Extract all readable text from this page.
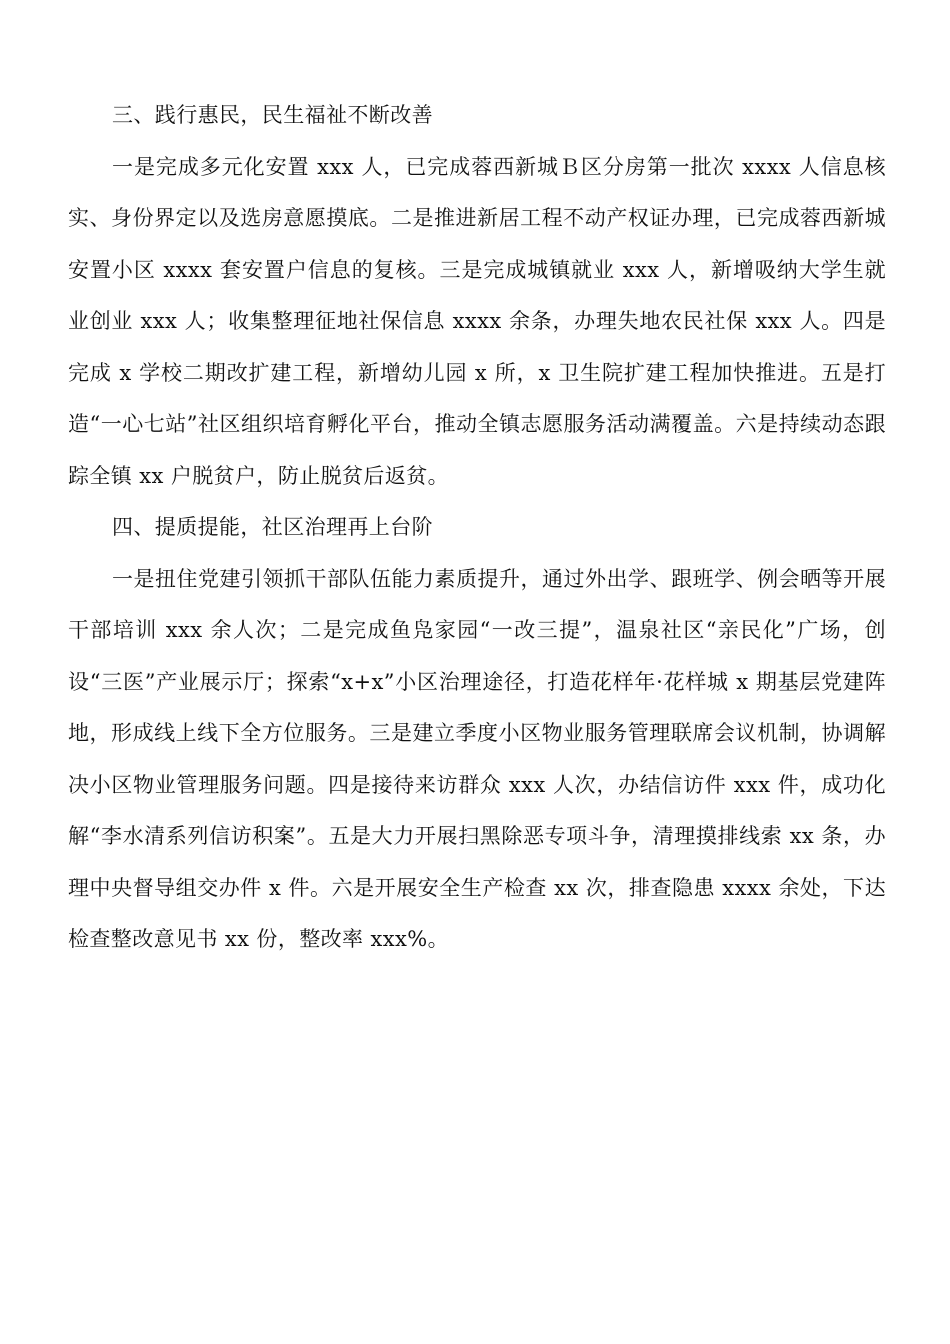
三、践行惠民，民生福祉不断改善

一是完成多元化安置 xxx 人，已完成蓉西新城Ｂ区分房第一批次 xxxx 人信息核实、身份界定以及选房意愿摸底。二是推进新居工程不动产权证办理，已完成蓉西新城安置小区 xxxx 套安置户信息的复核。三是完成城镇就业 xxx 人，新增吸纳大学生就业创业 xxx 人；收集整理征地社保信息 xxxx 余条，办理失地农民社保 xxx 人。四是完成 x 学校二期改扩建工程，新增幼儿园 x 所，x 卫生院扩建工程加快推进。五是打造“一心七站”社区组织培育孵化平台，推动全镇志愿服务活动满覆盖。六是持续动态跟踪全镇 xx 户脱贫户，防止脱贫后返贫。

四、提质提能，社区治理再上台阶

一是扭住党建引领抓干部队伍能力素质提升，通过外出学、跟班学、例会晒等开展干部培训 xxx 余人次；二是完成鱼凫家园“一改三提”，温泉社区“亲民化”广场，创设“三医”产业展示厅；探索“x+x”小区治理途径，打造花样年·花样城 x 期基层党建阵地，形成线上线下全方位服务。三是建立季度小区物业服务管理联席会议机制，协调解决小区物业管理服务问题。四是接待来访群众 xxx 人次，办结信访件 xxx 件，成功化解“李水清系列信访积案”。五是大力开展扫黑除恶专项斗争，清理摸排线索 xx 条，办理中央督导组交办件 x 件。六是开展安全生产检查 xx 次，排查隐患 xxxx 余处，下达检查整改意见书 xx 份，整改率 xxx%。
